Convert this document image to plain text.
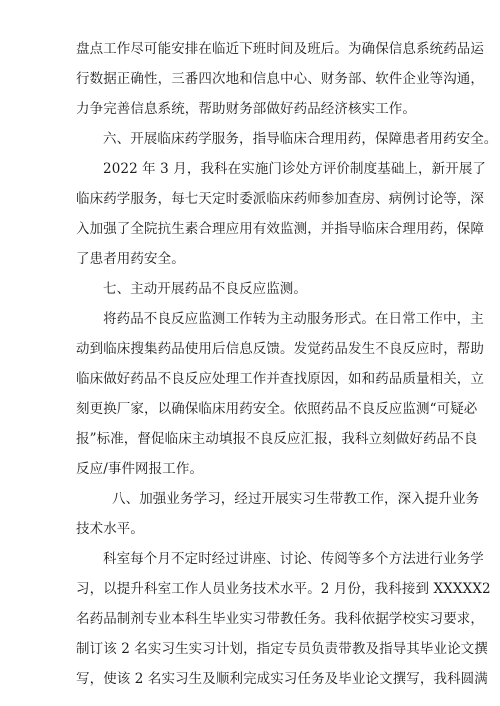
盘点工作尽可能安排在临近下班时间及班后。为确保信息系统药品运
行数据正确性，三番四次地和信息中心、财务部、软件企业等沟通，
力争完善信息系统，帮助财务部做好药品经济核实工作。
六、开展临床药学服务，指导临床合理用药，保障患者用药安全。
2022 年 3 月，我科在实施门诊处方评价制度基础上，新开展了
临床药学服务，每七天定时委派临床药师参加查房、病例讨论等，深
入加强了全院抗生素合理应用有效监测，并指导临床合理用药，保障
了患者用药安全。
七、主动开展药品不良反应监测。
将药品不良反应监测工作转为主动服务形式。在日常工作中，主
动到临床搜集药品使用后信息反馈。发觉药品发生不良反应时，帮助
临床做好药品不良反应处理工作并查找原因，如和药品质量相关，立
刻更换厂家，以确保临床用药安全。依照药品不良反应监测“可疑必
报”标准，督促临床主动填报不良反应汇报，我科立刻做好药品不良
反应/事件网报工作。
八、加强业务学习，经过开展实习生带教工作，深入提升业务
技术水平。
科室每个月不定时经过讲座、讨论、传阅等多个方法进行业务学
习，以提升科室工作人员业务技术水平。2 月份，我科接到 XXXXX2
名药品制剂专业本科生毕业实习带教任务。我科依据学校实习要求，
制订该 2 名实习生实习计划，指定专员负责带教及指导其毕业论文撰
写，使该 2 名实习生及顺利完成实习任务及毕业论文撰写，我科圆满
